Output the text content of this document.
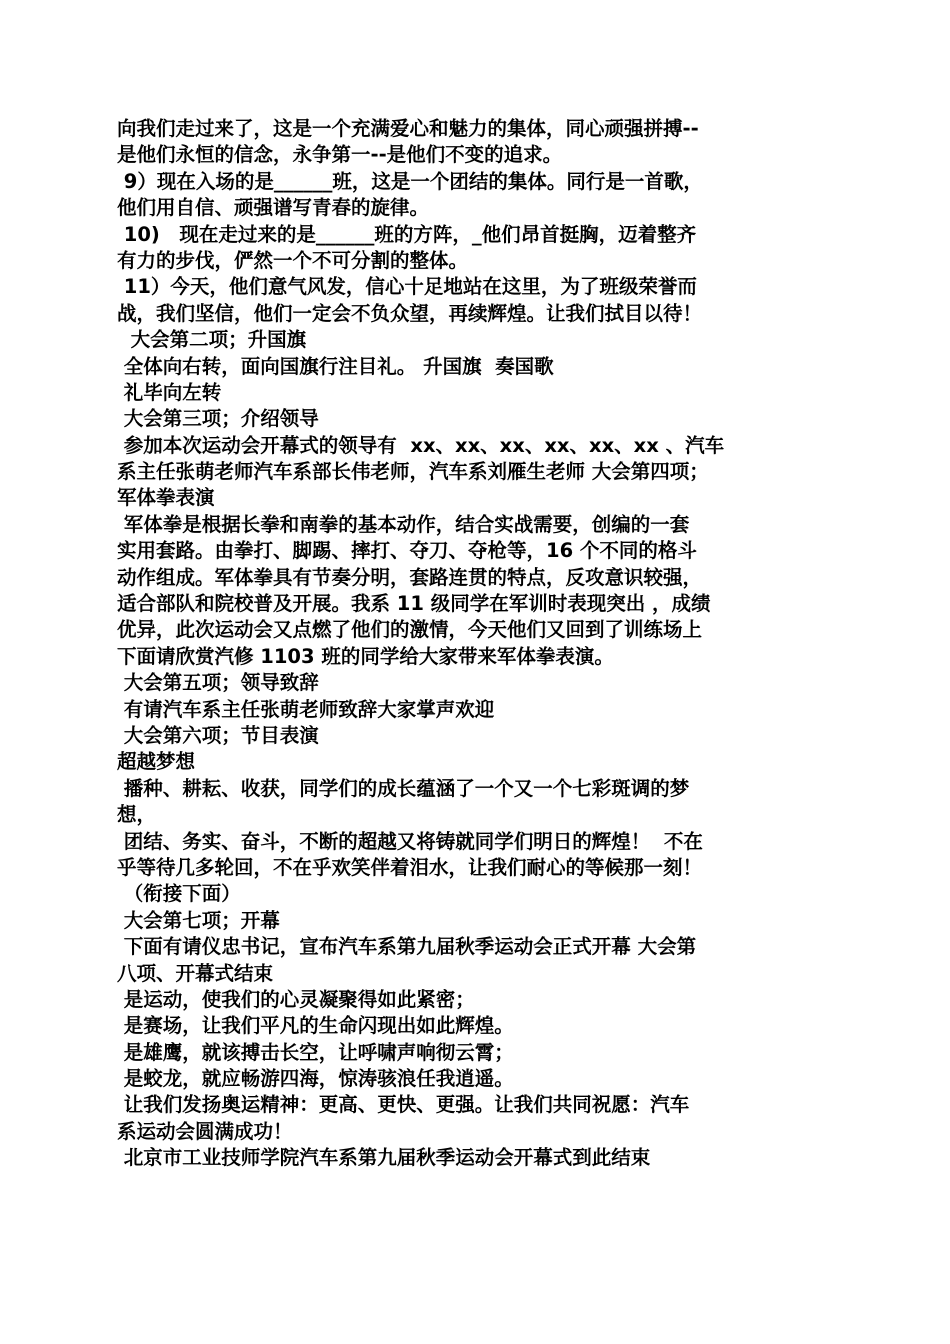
向我们走过来了，这是一个充满爱心和魅力的集体，同心顽强拼搏--
是他们永恒的信念，永争第一--是他们不变的追求。
9）现在入场的是______班，这是一个团结的集体。同行是一首歌，
他们用自信、顽强谱写青春的旋律。
10)　现在走过来的是______班的方阵，_他们昂首挺胸，迈着整齐
有力的步伐，俨然一个不可分割的整体。
11）今天，他们意气风发，信心十足地站在这里，为了班级荣誉而
战，我们坚信，他们一定会不负众望，再续辉煌。让我们拭目以待！
大会第二项；升国旗
全体向右转，面向国旗行注目礼。 升国旗  奏国歌
礼毕向左转
大会第三项；介绍领导
参加本次运动会开幕式的领导有  xx、xx、xx、xx、xx、xx 、汽车
系主任张萌老师汽车系部长伟老师，汽车系刘雁生老师 大会第四项；
军体拳表演
军体拳是根据长拳和南拳的基本动作，结合实战需要，创编的一套
实用套路。由拳打、脚踢、摔打、夺刀、夺枪等，16 个不同的格斗
动作组成。军体拳具有节奏分明，套路连贯的特点，反攻意识较强，
适合部队和院校普及开展。我系 11 级同学在军训时表现突出 ，成绩
优异，此次运动会又点燃了他们的激情，今天他们又回到了训练场上
下面请欣赏汽修 1103 班的同学给大家带来军体拳表演。
大会第五项；领导致辞
有请汽车系主任张萌老师致辞大家掌声欢迎
大会第六项；节目表演
超越梦想
播种、耕耘、收获，同学们的成长蕴涵了一个又一个七彩斑调的梦
想，
团结、务实、奋斗，不断的超越又将铸就同学们明日的辉煌！  不在
乎等待几多轮回，不在乎欢笑伴着泪水，让我们耐心的等候那一刻！
（衔接下面）
大会第七项；开幕
下面有请仪忠书记，宣布汽车系第九届秋季运动会正式开幕 大会第
八项、开幕式结束
是运动，使我们的心灵凝聚得如此紧密；
是赛场，让我们平凡的生命闪现出如此辉煌。
是雄鹰，就该搏击长空，让呼啸声响彻云霄；
是蛟龙，就应畅游四海，惊涛骇浪任我逍遥。
让我们发扬奥运精神：更高、更快、更强。让我们共同祝愿：汽车
系运动会圆满成功！
北京市工业技师学院汽车系第九届秋季运动会开幕式到此结束
